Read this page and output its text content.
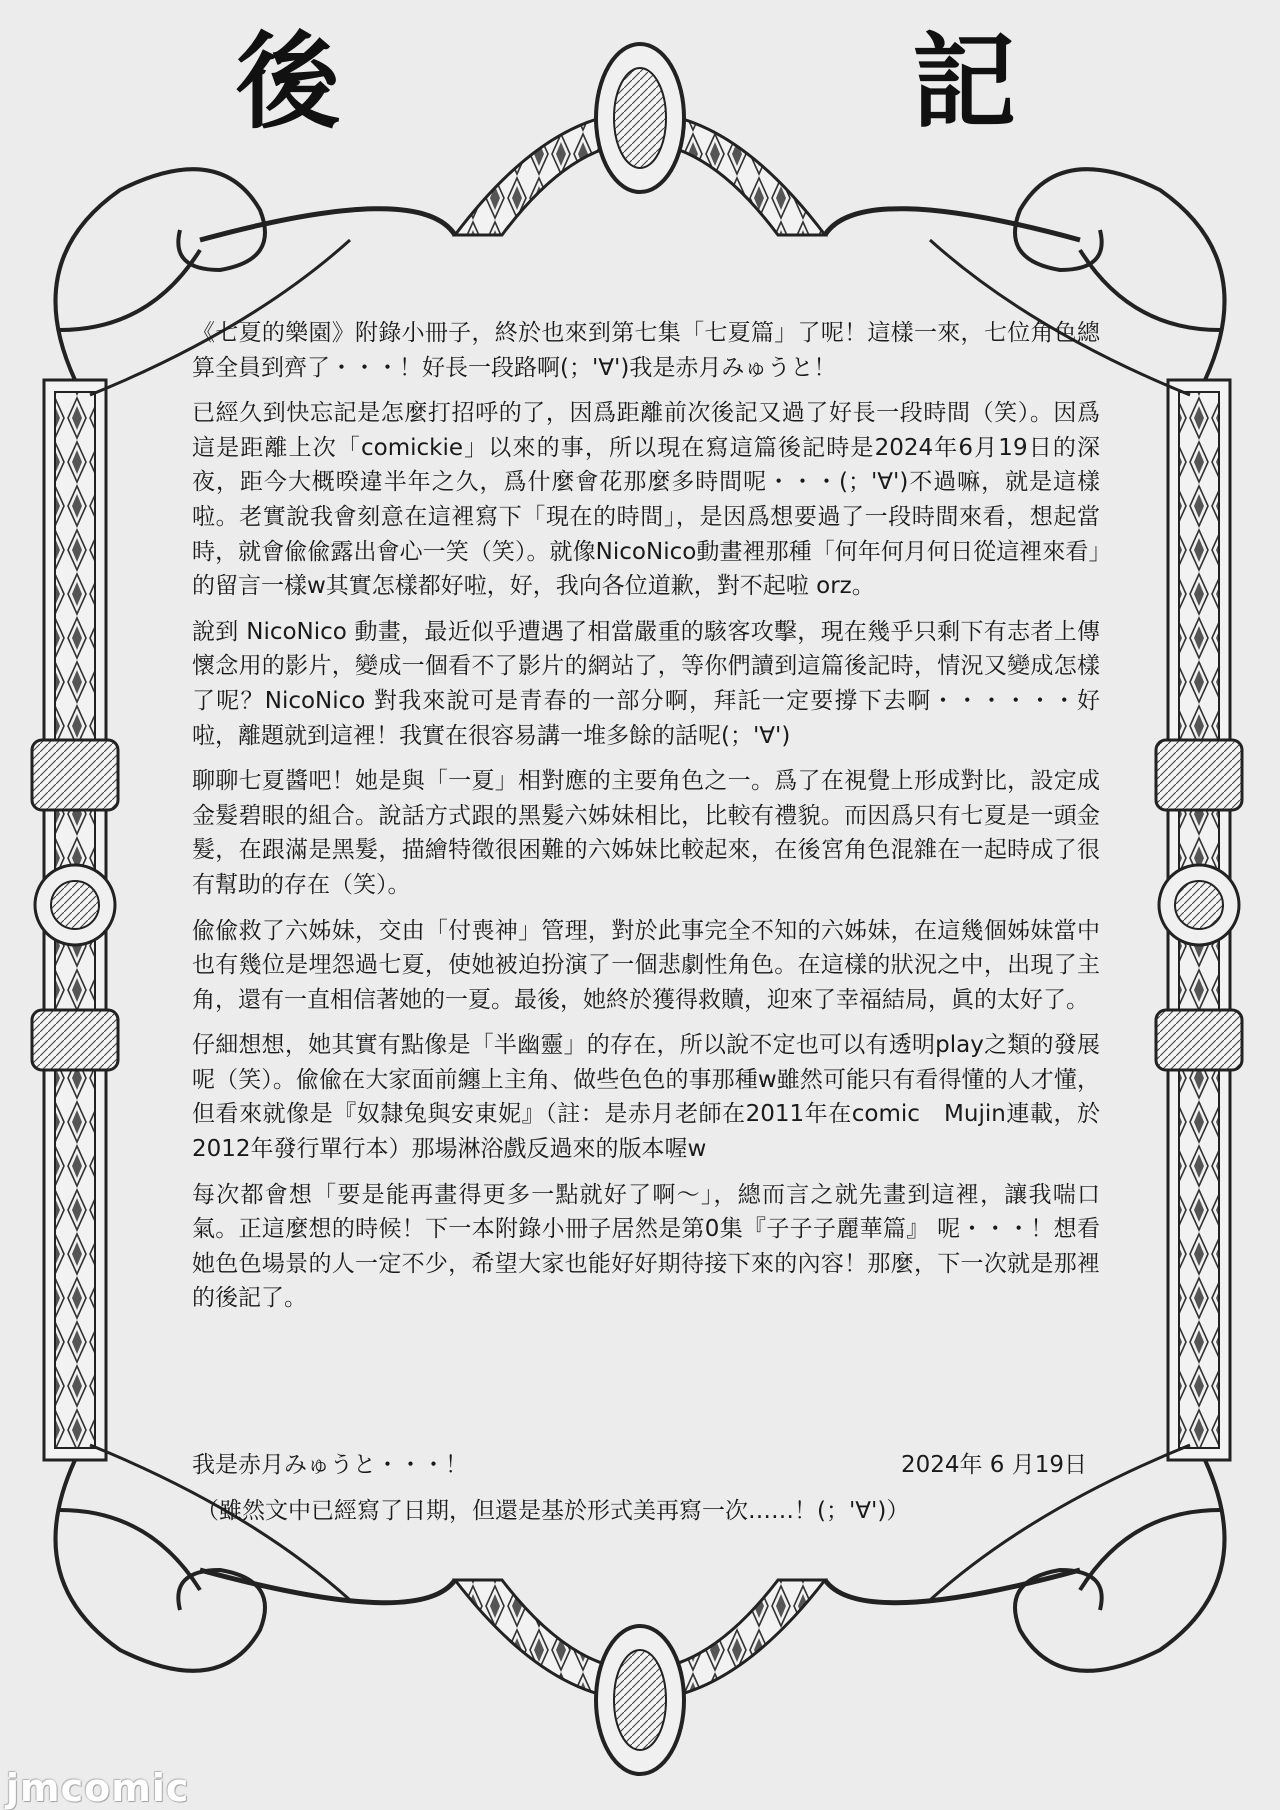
後	記

《七夏的樂園》附錄小冊子，終於也來到第七集「七夏篇」了呢！這樣一來，七位角色總算全員到齊了・・・！好長一段路啊(；'∀')我是赤月みゅうと！

已經久到快忘記是怎麼打招呼的了，因爲距離前次後記又過了好長一段時間（笑）。因爲這是距離上次「comickie」以來的事，所以現在寫這篇後記時是2024年6月19日的深夜，距今大概暌違半年之久，爲什麼會花那麼多時間呢・・・(；'∀')不過嘛，就是這樣啦。老實說我會刻意在這裡寫下「現在的時間」，是因爲想要過了一段時間來看，想起當時，就會偸偸露出會心一笑（笑）。就像NicoNico動畫裡那種「何年何月何日從這裡來看」的留言一樣w其實怎樣都好啦，好，我向各位道歉，對不起啦 orz。

說到 NicoNico 動畫，最近似乎遭遇了相當嚴重的駭客攻擊，現在幾乎只剩下有志者上傳懷念用的影片，變成一個看不了影片的網站了，等你們讀到這篇後記時，情況又變成怎樣了呢？NicoNico 對我來說可是青春的一部分啊，拜託一定要撐下去啊・・・・・・好啦，離題就到這裡！我實在很容易講一堆多餘的話呢(；'∀')

聊聊七夏醬吧！她是與「一夏」相對應的主要角色之一。爲了在視覺上形成對比，設定成金髮碧眼的組合。說話方式跟的黑髮六姊妹相比，比較有禮貌。而因爲只有七夏是一頭金髮，在跟滿是黑髮，描繪特徵很困難的六姊妹比較起來，在後宮角色混雜在一起時成了很有幫助的存在（笑）。

偸偸救了六姊妹，交由「付喪神」管理，對於此事完全不知的六姊妹，在這幾個姊妹當中也有幾位是埋怨過七夏，使她被迫扮演了一個悲劇性角色。在這樣的狀況之中，出現了主角，還有一直相信著她的一夏。最後，她終於獲得救贖，迎來了幸福結局，眞的太好了。

仔細想想，她其實有點像是「半幽靈」的存在，所以說不定也可以有透明play之類的發展呢（笑）。偸偸在大家面前纏上主角、做些色色的事那種w雖然可能只有看得懂的人才懂，但看來就像是『奴隸兔與安東妮』（註：是赤月老師在2011年在comic　Mujin連載，於2012年發行單行本）那場淋浴戲反過來的版本喔w

每次都會想「要是能再畫得更多一點就好了啊～」，總而言之就先畫到這裡，讓我喘口氣。正這麼想的時候！下一本附錄小冊子居然是第0集『子子子麗華篇』 呢・・・！想看她色色場景的人一定不少，希望大家也能好好期待接下來的內容！那麼，下一次就是那裡的後記了。

我是赤月みゅうと・・・！	2024年 6 月19日
（雖然文中已經寫了日期，但還是基於形式美再寫一次……！(；'∀')）
jmcomic
